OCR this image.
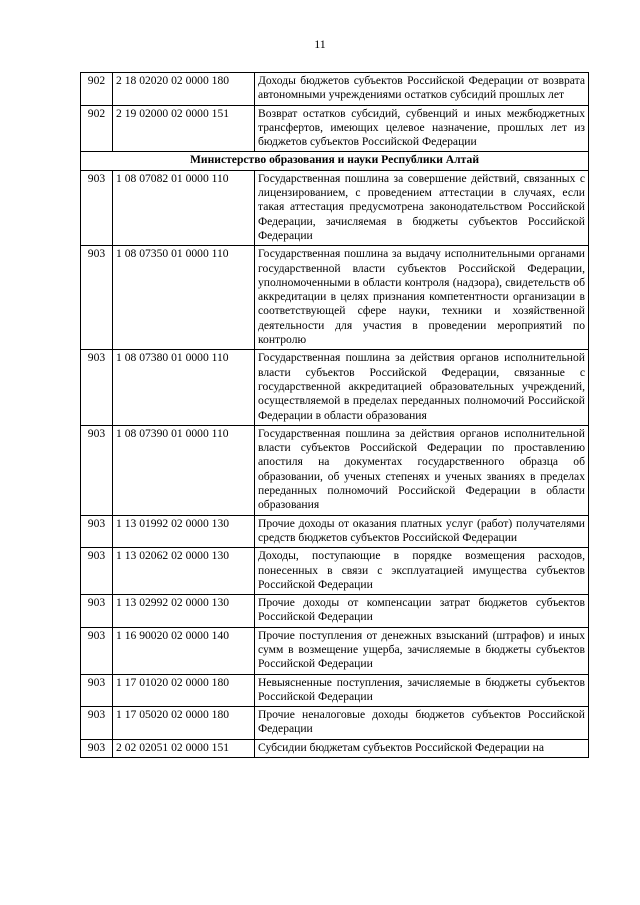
11
902	2 18 02020 02 0000 180	Доходы бюджетов субъектов Российской Федерации от возврата автономными учреждениями остатков субсидий прошлых лет
902	2 19 02000 02 0000 151	Возврат остатков субсидий, субвенций и иных межбюджетных трансфертов, имеющих целевое назначение, прошлых лет из бюджетов субъектов Российской Федерации
Министерство образования и науки Республики Алтай		
903	1 08 07082 01 0000 110	Государственная пошлина за совершение действий, связанных с лицензированием, с проведением аттестации в случаях, если такая аттестация предусмотрена законодательством Российской Федерации, зачисляемая в бюджеты субъектов Российской Федерации
903	1 08 07350 01 0000 110	Государственная пошлина за выдачу исполнительными органами государственной власти субъектов Российской Федерации, уполномоченными в области контроля (надзора), свидетельств об аккредитации в целях признания компетентности организации в соответствующей сфере науки, техники и хозяйственной деятельности для участия в проведении мероприятий по контролю
903	1 08 07380 01 0000 110	Государственная пошлина за действия органов исполнительной власти субъектов Российской Федерации, связанные с государственной аккредитацией образовательных учреждений, осуществляемой в пределах переданных полномочий Российской Федерации в области образования
903	1 08 07390 01 0000 110	Государственная пошлина за действия органов исполнительной власти субъектов Российской Федерации по проставлению апостиля на документах государственного образца об образовании, об ученых степенях и ученых званиях в пределах переданных полномочий Российской Федерации в области образования
903	1 13 01992 02 0000 130	Прочие доходы от оказания платных услуг (работ) получателями средств бюджетов субъектов Российской Федерации
903	1 13 02062 02 0000 130	Доходы, поступающие в порядке возмещения расходов, понесенных в связи с эксплуатацией имущества субъектов Российской Федерации
903	1 13 02992 02 0000 130	Прочие доходы от компенсации затрат бюджетов субъектов Российской Федерации
903	1 16 90020 02 0000 140	Прочие поступления от денежных взысканий (штрафов) и иных сумм в возмещение ущерба, зачисляемые в бюджеты субъектов Российской Федерации
903	1 17 01020 02 0000 180	Невыясненные поступления, зачисляемые в бюджеты субъектов Российской Федерации
903	1 17 05020 02 0000 180	Прочие неналоговые доходы бюджетов субъектов Российской Федерации
903	2 02 02051 02 0000 151	Субсидии бюджетам субъектов Российской Федерации на
